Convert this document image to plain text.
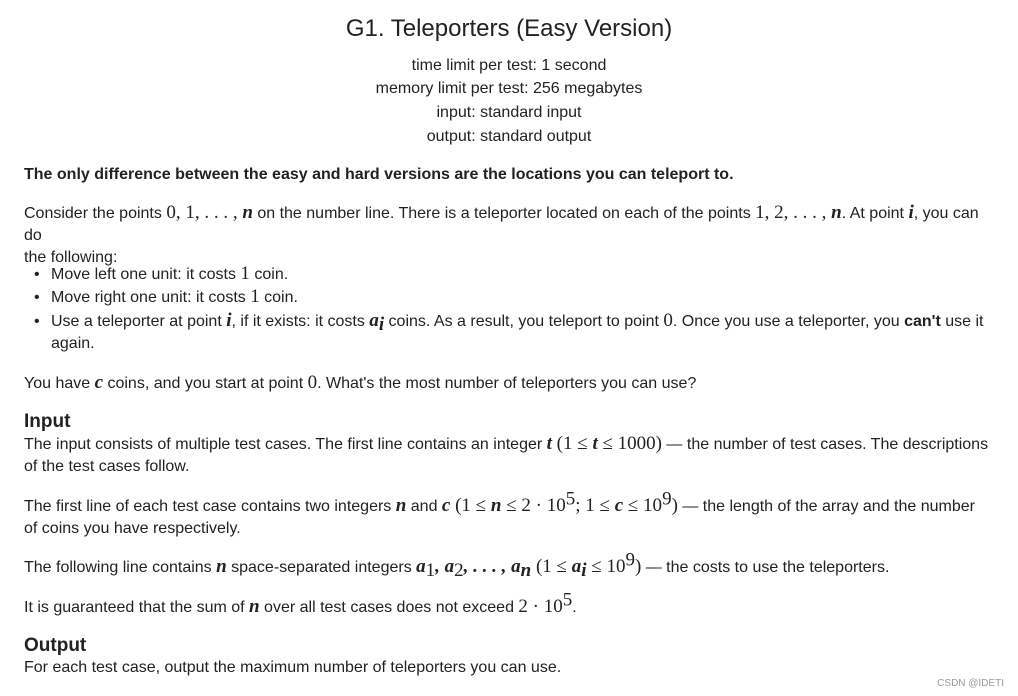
G1. Teleporters (Easy Version)
time limit per test: 1 second
memory limit per test: 256 megabytes
input: standard input
output: standard output
The only difference between the easy and hard versions are the locations you can teleport to.
Consider the points 0, 1, . . . , n on the number line. There is a teleporter located on each of the points 1, 2, . . . , n. At point i, you can do
the following:
• Move left one unit: it costs 1 coin.
• Move right one unit: it costs 1 coin.
• Use a teleporter at point i, if it exists: it costs $a_i$ coins. As a result, you teleport to point 0. Once you use a teleporter, you can't use it
again.
You have c coins, and you start at point 0. What's the most number of teleporters you can use?
Input
The input consists of multiple test cases. The first line contains an integer t (1 ≤ t ≤ 1000) — the number of test cases. The descriptions
of the test cases follow.
The first line of each test case contains two integers n and c ($1 \le n \le 2 \cdot 10^5$; $1 \le c \le 10^9$) — the length of the array and the number
of coins you have respectively.
The following line contains n space-separated integers $a_1$, $a_2$, . . . , $a_n$ $(1 \le a_i \le 10^9)$ — the costs to use the teleporters.
It is guaranteed that the sum of n over all test cases does not exceed $2 \cdot 10^5$.
Output
For each test case, output the maximum number of teleporters you can use.
CSDN @IDETI
